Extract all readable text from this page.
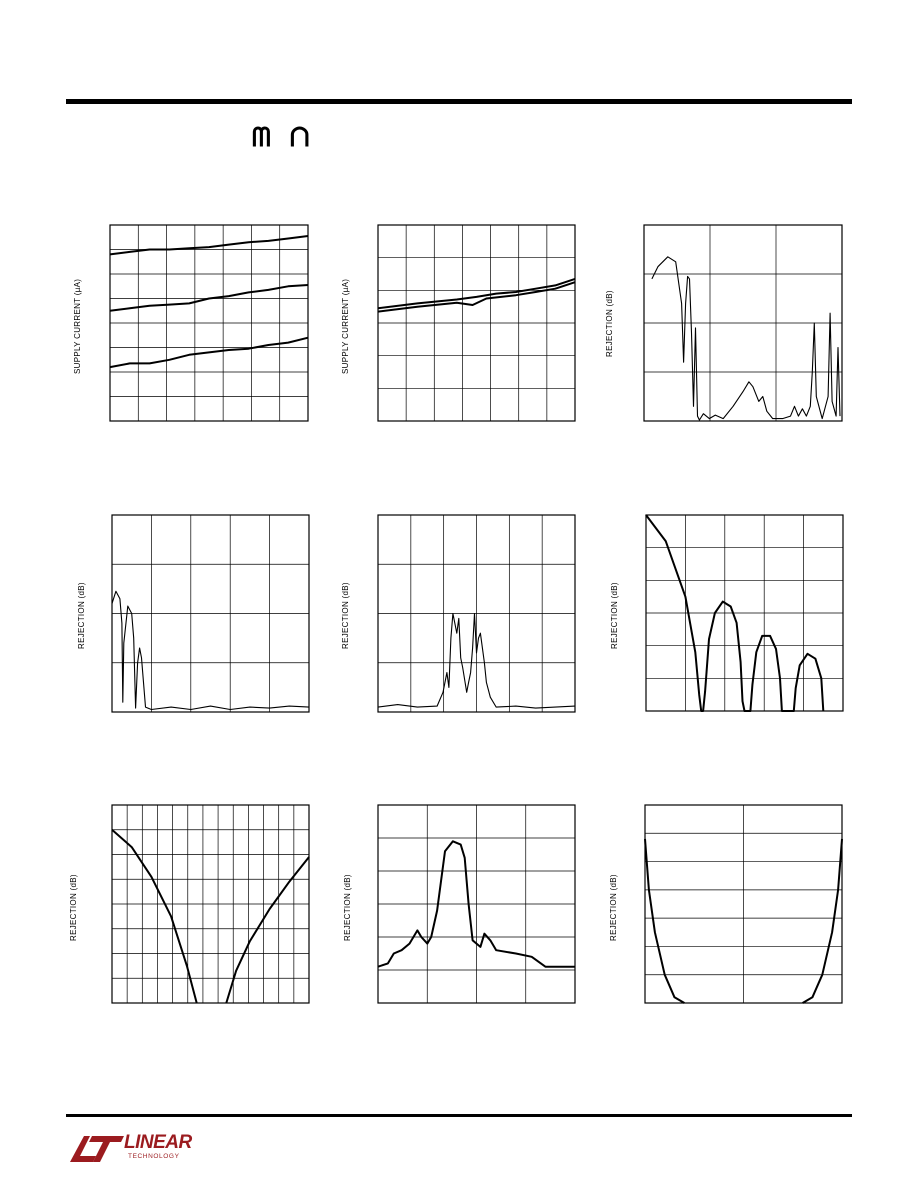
ᗰ ᑎ
SUPPLY CURRENT (µA)	SUPPLY CURRENT (µA)	REJECTION (dB)
REJECTION (dB)	REJECTION (dB)	REJECTION (dB)
REJECTION (dB)	REJECTION (dB)	REJECTION (dB)
LINEAR
TECHNOLOGY
